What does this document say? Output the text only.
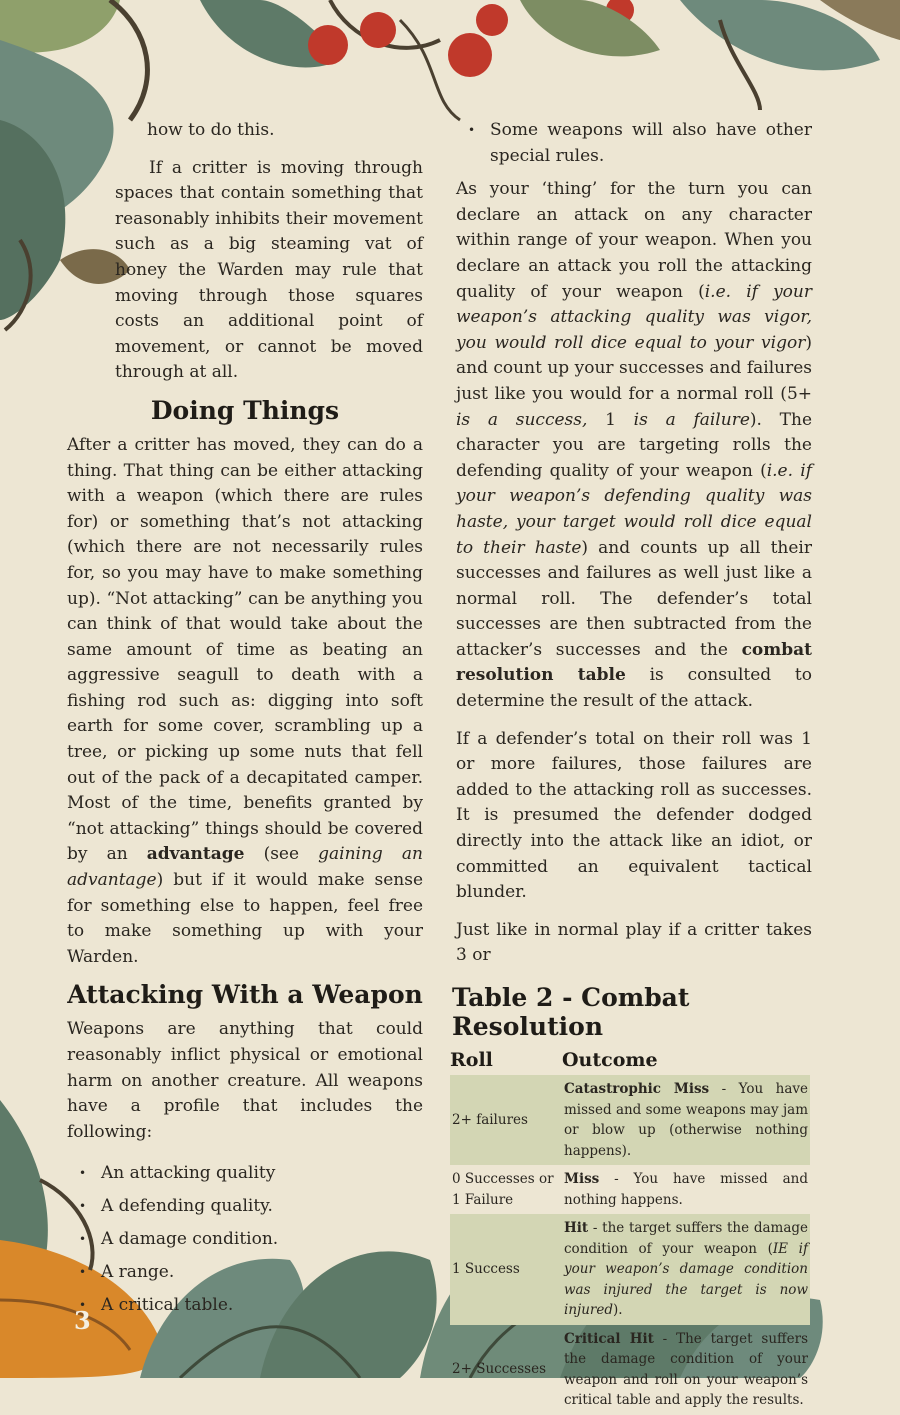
how to do this.

If a critter is moving through spaces that contain something that reasonably inhibits their movement such as a big steaming vat of honey the Warden may rule that moving through those squares costs an additional point of movement, or cannot be moved through at all.

Doing Things

After a critter has moved, they can do a thing. That thing can be either attacking with a weapon (which there are rules for) or something that’s not attacking (which there are not necessarily rules for, so you may have to make something up). “Not attacking” can be anything you can think of that would take about the same amount of time as beating an aggressive seagull to death with a fishing rod such as: digging into soft earth for some cover, scrambling up a tree, or picking up some nuts that fell out of the pack of a decapitated camper. Most of the time, benefits granted by “not attacking” things should be covered by an advantage (see gaining an advantage) but if it would make sense for something else to happen, feel free to make something up with your Warden.

Attacking With a Weapon

Weapons are anything that could reasonably inflict physical or emotional harm on another creature. All weapons have a profile that includes the following:

• An attacking quality
• A defending quality.
• A damage condition.
• A range.
• A critical table.
• Some weapons will also have other special rules.

As your ‘thing’ for the turn you can declare an attack on any character within range of your weapon. When you declare an attack you roll the attacking quality of your weapon (i.e. if your weapon’s attacking quality was vigor, you would roll dice equal to your vigor) and count up your successes and failures just like you would for a normal roll (5+ is a success, 1 is a failure). The character you are targeting rolls the defending quality of your weapon (i.e. if your weapon’s defending quality was haste, your target would roll dice equal to their haste) and counts up all their successes and failures as well just like a normal roll. The defender’s total successes are then subtracted from the attacker’s successes and the combat resolution table is consulted to determine the result of the attack.

If a defender’s total on their roll was 1 or more failures, those failures are added to the attacking roll as successes. It is presumed the defender dodged directly into the attack like an idiot, or committed an equivalent tactical blunder.

Just like in normal play if a critter takes 3 or

Table 2 - Combat Resolution
Roll	Outcome
2+ failures	Catastrophic Miss - You have missed and some weapons may jam or blow up (otherwise nothing happens).
0 Successes or 1 Failure	Miss - You have missed and nothing happens.
1 Success	Hit - the target suffers the damage condition of your weapon (IE if your weapon’s damage condition was injured the target is now injured).
2+ Successes	Critical Hit - The target suffers the damage condition of your weapon and roll on your weapon’s critical table and apply the results.
3
